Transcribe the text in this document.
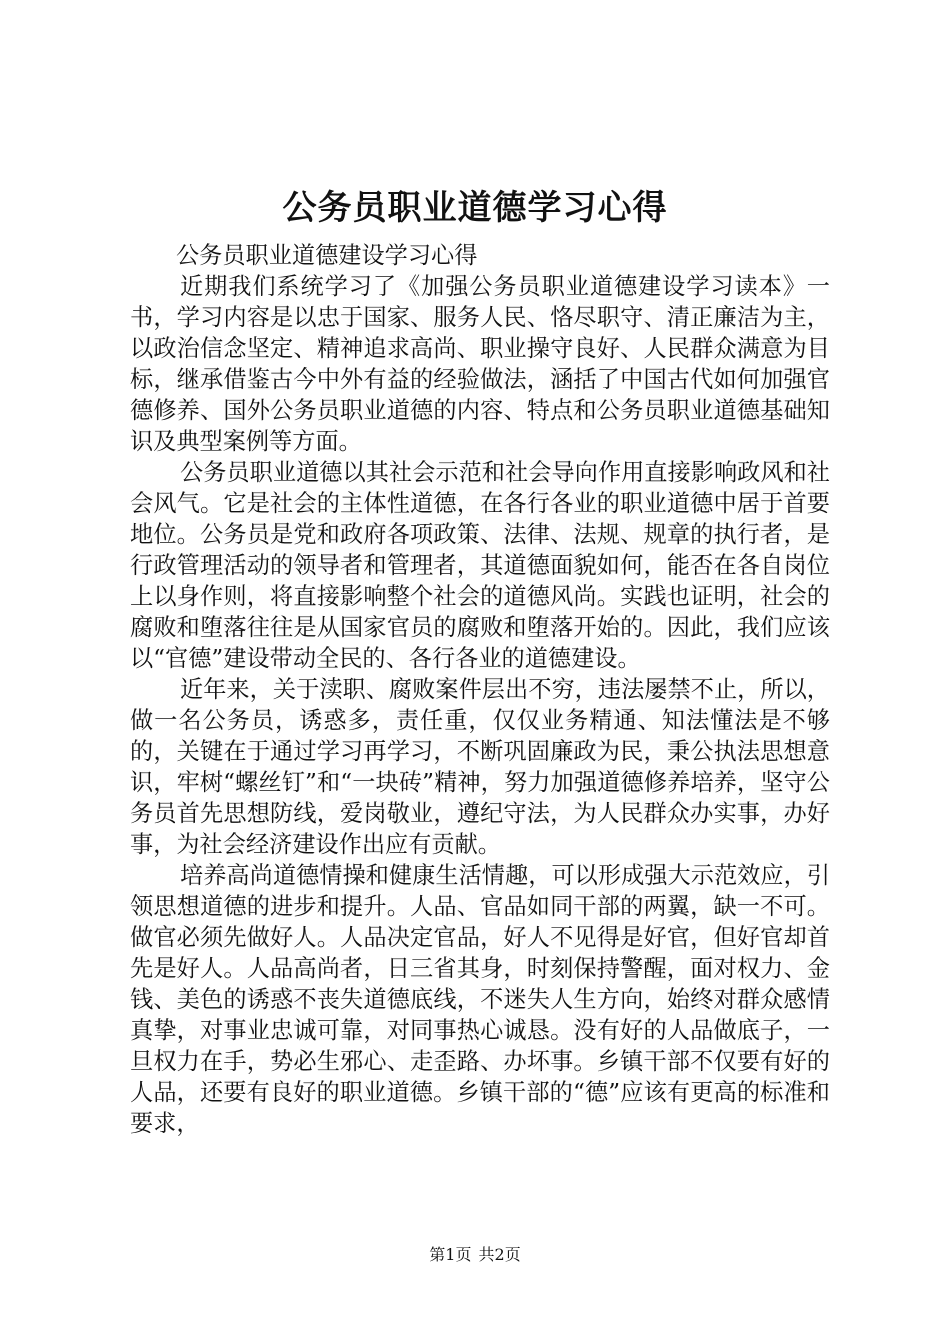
公务员职业道德学习心得

公务员职业道德建设学习心得

近期我们系统学习了《加强公务员职业道德建设学习读本》一书，学习内容是以忠于国家、服务人民、恪尽职守、清正廉洁为主，以政治信念坚定、精神追求高尚、职业操守良好、人民群众满意为目标，继承借鉴古今中外有益的经验做法，涵括了中国古代如何加强官德修养、国外公务员职业道德的内容、特点和公务员职业道德基础知识及典型案例等方面。

公务员职业道德以其社会示范和社会导向作用直接影响政风和社会风气。它是社会的主体性道德，在各行各业的职业道德中居于首要地位。公务员是党和政府各项政策、法律、法规、规章的执行者，是行政管理活动的领导者和管理者，其道德面貌如何，能否在各自岗位上以身作则，将直接影响整个社会的道德风尚。实践也证明，社会的腐败和堕落往往是从国家官员的腐败和堕落开始的。因此，我们应该以“官德”建设带动全民的、各行各业的道德建设。

近年来，关于渎职、腐败案件层出不穷，违法屡禁不止，所以，做一名公务员，诱惑多，责任重，仅仅业务精通、知法懂法是不够的，关键在于通过学习再学习，不断巩固廉政为民，秉公执法思想意识，牢树“螺丝钉”和“一块砖”精神，努力加强道德修养培养，坚守公务员首先思想防线，爱岗敬业，遵纪守法，为人民群众办实事，办好事，为社会经济建设作出应有贡献。

培养高尚道德情操和健康生活情趣，可以形成强大示范效应，引领思想道德的进步和提升。人品、官品如同干部的两翼，缺一不可。做官必须先做好人。人品决定官品，好人不见得是好官，但好官却首先是好人。人品高尚者，日三省其身，时刻保持警醒，面对权力、金钱、美色的诱惑不丧失道德底线，不迷失人生方向，始终对群众感情真挚，对事业忠诚可靠，对同事热心诚恳。没有好的人品做底子，一旦权力在手，势必生邪心、走歪路、办坏事。乡镇干部不仅要有好的人品，还要有良好的职业道德。乡镇干部的“德”应该有更高的标准和要求，

第1页 共2页
